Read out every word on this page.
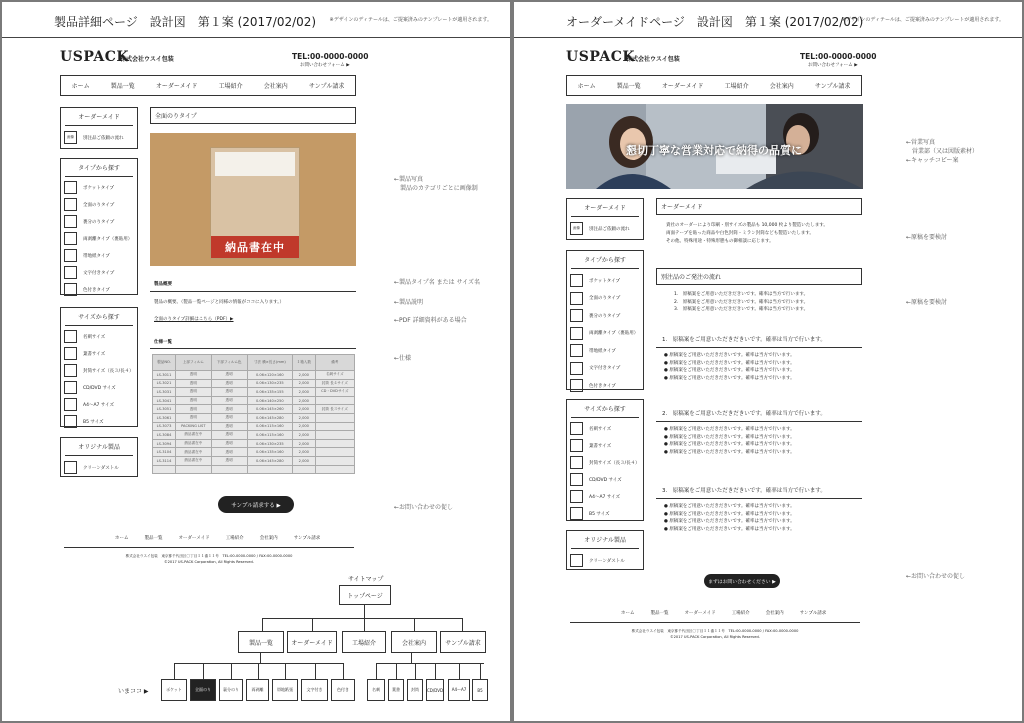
製品詳細ページ　設計図　第１案 (2017/02/02)	※デザインのディテールは、ご提案済みのテンプレートが適用されます。
USPACK
株式会社ウスイ包装	TEL:00-0000-0000
お問い合わせフォーム ▶
ホーム	製品一覧	オーダーメイド	工場紹介	会社案内	サンプル請求
オーダーメイド
画像	別注品ご依頼の流れ
タイプから探す
ポケットタイプ
全面のりタイプ
裏分のりタイプ
両剥離タイプ（裏貼用）
帯地紙タイプ
文字付きタイプ
色付きタイプ
サイズから探す
名刺サイズ
葉書サイズ
封筒サイズ（長３/長４）
CD/DVD サイズ
A4～A7 サイズ
B5 サイズ
オリジナル製品
クリーンダストル
全面のりタイプ
納品書在中
製品概要
製品の概要。（製品一覧ページと同様の情報がココに入ります。）
全面のりタイプ詳細はこちら（PDF）▶
仕様一覧
製品NO.	上部フィルム	下部フィルム色	寸法 横×長さ(mm)	１箱入数	備考
LS-3011	透明	透明	0.06×120×160	2,000	名刺サイズ
LS-3021	透明	透明	0.06×130×235	2,000	封筒 長４サイズ
LS-3031	透明	透明	0.06×135×155	2,000	CD・DVDサイズ
LS-3041	透明	透明	0.06×140×250	2,000	
LS-3051	透明	透明	0.06×145×260	2,000	封筒 長３サイズ
LS-3061	透明	透明	0.06×145×280	2,000	
LS-3073	PACKING LIST	透明	0.06×115×160	2,000	
LS-3084	納品書在中	透明	0.06×115×160	2,000	
LS-3094	納品書在中	透明	0.06×130×235	2,000	
LS-3104	納品書在中	透明	0.06×135×160	2,000	
LS-3114	納品書在中	透明	0.06×145×280	2,000	

サンプル請求する ▶
ホーム	製品一覧	オーダーメイド	工場紹介	会社案内	サンプル請求
株式会社ウスイ包装　東京都千代田区〇丁目１１番１１号　TEL:00-0000-0000 / FAX:00-0000-0000
©2017 US-PACK Corporation, All Rights Reserved.
←製品写真
製品のカテゴリごとに画像制
←製品タイプ名 または サイズ名
←製品説明
←PDF 詳細資料がある場合
←仕様
←お問い合わせの促し
サイトマップ
トップページ
製品一覧	オーダーメイド	工場紹介	会社案内	サンプル請求
いまココ ▶	ポケット	全面のり	裏分のり	両剥離	帯地紙張	文字付き	色付き	名刺	葉書	封筒	CD/DVD	A4～A7	B5
オーダーメイドページ　設計図　第１案 (2017/02/02)
※デザインのディテールは、ご提案済みのテンプレートが適用されます。
USPACK
株式会社ウスイ包装	TEL:00-0000-0000
お問い合わせフォーム ▶
ホーム	製品一覧	オーダーメイド	工場紹介	会社案内	サンプル請求
懇切丁寧な営業対応で納得の品質に
オーダーメイド
画像	別注品ご依頼の流れ
タイプから探す
ポケットタイプ
全面のりタイプ
裏分のりタイプ
両剥離タイプ（裏貼用）
帯地紙タイプ
文字付きタイプ
色付きタイプ
サイズから探す
名刺サイズ
葉書サイズ
封筒サイズ（長３/長４）
CD/DVD サイズ
A4～A7 サイズ
B5 サイズ
オリジナル製品
クリーンダストル
オーダーメイド

貴社のオーダーにより印刷・別サイズの製品も 10,000 枚より製造いたします。

両面テープを貼った商品や白色封筒・ミラン封筒なども製造いたします。

その他、特殊用途・特殊形態もの御相談に応じます。

別注品のご発注の流れ

1.　原稿案をご用意いただきだきいです。確率は当方で行います。

2.　原稿案をご用意いただきだきいです。確率は当方で行います。

3.　原稿案をご用意いただきだきいです。確率は当方で行います。

1.　原稿案をご用意いただきだきいです。確率は当方で行います。

● 原稿案をご用意いただきだきいです。確率は当方で行います。

● 原稿案をご用意いただきだきいです。確率は当方で行います。

● 原稿案をご用意いただきだきいです。確率は当方で行います。

● 原稿案をご用意いただきだきいです。確率は当方で行います。

2.　原稿案をご用意いただきだきいです。確率は当方で行います。

● 原稿案をご用意いただきだきいです。確率は当方で行います。

● 原稿案をご用意いただきだきいです。確率は当方で行います。

● 原稿案をご用意いただきだきいです。確率は当方で行います。

● 原稿案をご用意いただきだきいです。確率は当方で行います。

3.　原稿案をご用意いただきだきいです。確率は当方で行います。

● 原稿案をご用意いただきだきいです。確率は当方で行います。

● 原稿案をご用意いただきだきいです。確率は当方で行います。

● 原稿案をご用意いただきだきいです。確率は当方で行います。

● 原稿案をご用意いただきだきいです。確率は当方で行います。

まずはお問い合わせください ▶
ホーム	製品一覧	オーダーメイド	工場紹介	会社案内	サンプル請求
株式会社ウスイ包装　東京都千代田区〇丁目１１番１１号　TEL:00-0000-0000 / FAX:00-0000-0000
©2017 US-PACK Corporation, All Rights Reserved.
←営業写真
営業部（又は図版素材）
←キャッチコピー案
←原稿を要検討
←原稿を要検討
←お問い合わせの促し
